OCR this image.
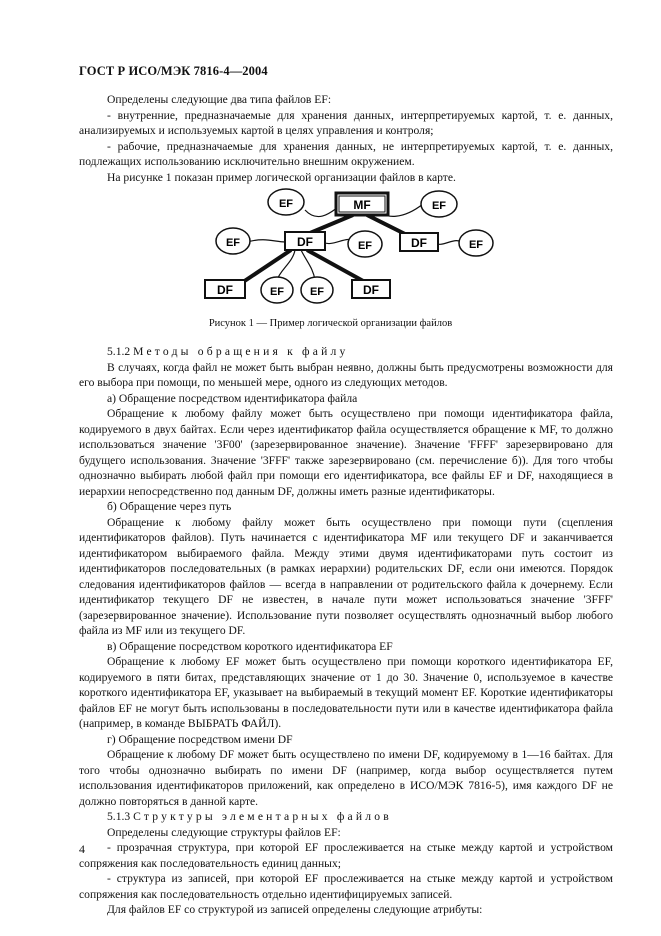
ГОСТ Р ИСО/МЭК 7816-4—2004

Определены следующие два типа файлов EF:

- внутренние, предназначаемые для хранения данных, интерпретируемых картой, т. е. данных, анализируемых и используемых картой в целях управления и контроля;

- рабочие, предназначаемые для хранения данных, не интерпретируемых картой, т. е. данных, подлежащих использованию исключительно внешним окружением.

На рисунке 1 показан пример логической организации файлов в карте.

MF
EF	EF
DF
EF	EF	DF	EF
DF	EF EF	DF
Рисунок 1 — Пример логической организации файлов

5.1.2 Методы обращения к файлу

В случаях, когда файл не может быть выбран неявно, должны быть предусмотрены возможности для его выбора при помощи, по меньшей мере, одного из следующих методов.

а) Обращение посредством идентификатора файла

Обращение к любому файлу может быть осуществлено при помощи идентификатора файла, кодируемого в двух байтах. Если через идентификатор файла осуществляется обращение к MF, то должно использоваться значение '3F00' (зарезервированное значение). Значение 'FFFF' зарезервировано для будущего использования. Значение '3FFF' также зарезервировано (см. перечисление б)). Для того чтобы однозначно выбирать любой файл при помощи его идентификатора, все файлы EF и DF, находящиеся в иерархии непосредственно под данным DF, должны иметь разные идентификаторы.

б) Обращение через путь

Обращение к любому файлу может быть осуществлено при помощи пути (сцепления идентификаторов файлов). Путь начинается с идентификатора MF или текущего DF и заканчивается идентификатором выбираемого файла. Между этими двумя идентификаторами путь состоит из идентификаторов последовательных (в рамках иерархии) родительских DF, если они имеются. Порядок следования идентификаторов файлов — всегда в направлении от родительского файла к дочернему. Если идентификатор текущего DF не известен, в начале пути может использоваться значение '3FFF' (зарезервированное значение). Использование пути позволяет осуществлять однозначный выбор любого файла из MF или из текущего DF.

в) Обращение посредством короткого идентификатора EF

Обращение к любому EF может быть осуществлено при помощи короткого идентификатора EF, кодируемого в пяти битах, представляющих значение от 1 до 30. Значение 0, используемое в качестве короткого идентификатора EF, указывает на выбираемый в текущий момент EF. Короткие идентификаторы файлов EF не могут быть использованы в последовательности пути или в качестве идентификатора файла (например, в команде ВЫБРАТЬ ФАЙЛ).

г) Обращение посредством имени DF

Обращение к любому DF может быть осуществлено по имени DF, кодируемому в 1—16 байтах. Для того чтобы однозначно выбирать по имени DF (например, когда выбор осуществляется путем использования идентификаторов приложений, как определено в ИСО/МЭК 7816-5), имя каждого DF не должно повторяться в данной карте.

5.1.3 Структуры элементарных файлов

Определены следующие структуры файлов EF:

- прозрачная структура, при которой EF прослеживается на стыке между картой и устройством сопряжения как последовательность единиц данных;

- структура из записей, при которой EF прослеживается на стыке между картой и устройством сопряжения как последовательность отдельно идентифицируемых записей.

Для файлов EF со структурой из записей определены следующие атрибуты:

4
